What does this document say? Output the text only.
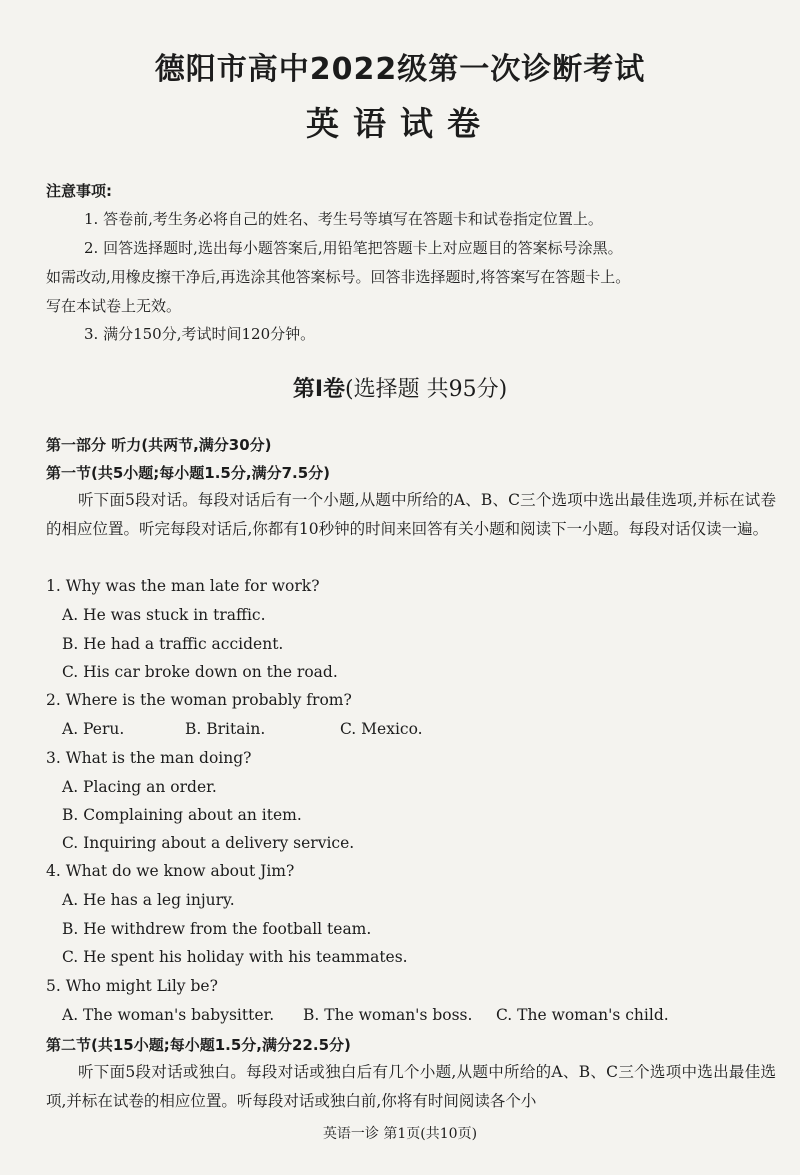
德阳市高中2022级第一次诊断考试
英语试卷
注意事项:
1. 答卷前,考生务必将自己的姓名、考生号等填写在答题卡和试卷指定位置上。
2. 回答选择题时,选出每小题答案后,用铅笔把答题卡上对应题目的答案标号涂黑。
如需改动,用橡皮擦干净后,再选涂其他答案标号。回答非选择题时,将答案写在答题卡上。
写在本试卷上无效。
3. 满分150分,考试时间120分钟。
第Ⅰ卷(选择题 共95分)
第一部分 听力(共两节,满分30分)
第一节(共5小题;每小题1.5分,满分7.5分)
听下面5段对话。每段对话后有一个小题,从题中所给的A、B、C三个选项中选出最佳选项,并标在试卷的相应位置。听完每段对话后,你都有10秒钟的时间来回答有关小题和阅读下一小题。每段对话仅读一遍。
1. Why was the man late for work?
A. He was stuck in traffic.
B. He had a traffic accident.
C. His car broke down on the road.
2. Where is the woman probably from?
A. Peru.	B. Britain.	C. Mexico.
3. What is the man doing?
A. Placing an order.
B. Complaining about an item.
C. Inquiring about a delivery service.
4. What do we know about Jim?
A. He has a leg injury.
B. He withdrew from the football team.
C. He spent his holiday with his teammates.
5. Who might Lily be?
A. The woman's babysitter. B. The woman's boss. C. The woman's child.
第二节(共15小题;每小题1.5分,满分22.5分)
听下面5段对话或独白。每段对话或独白后有几个小题,从题中所给的A、B、C三个选项中选出最佳选项,并标在试卷的相应位置。听每段对话或独白前,你将有时间阅读各个小
英语一诊 第1页(共10页)
